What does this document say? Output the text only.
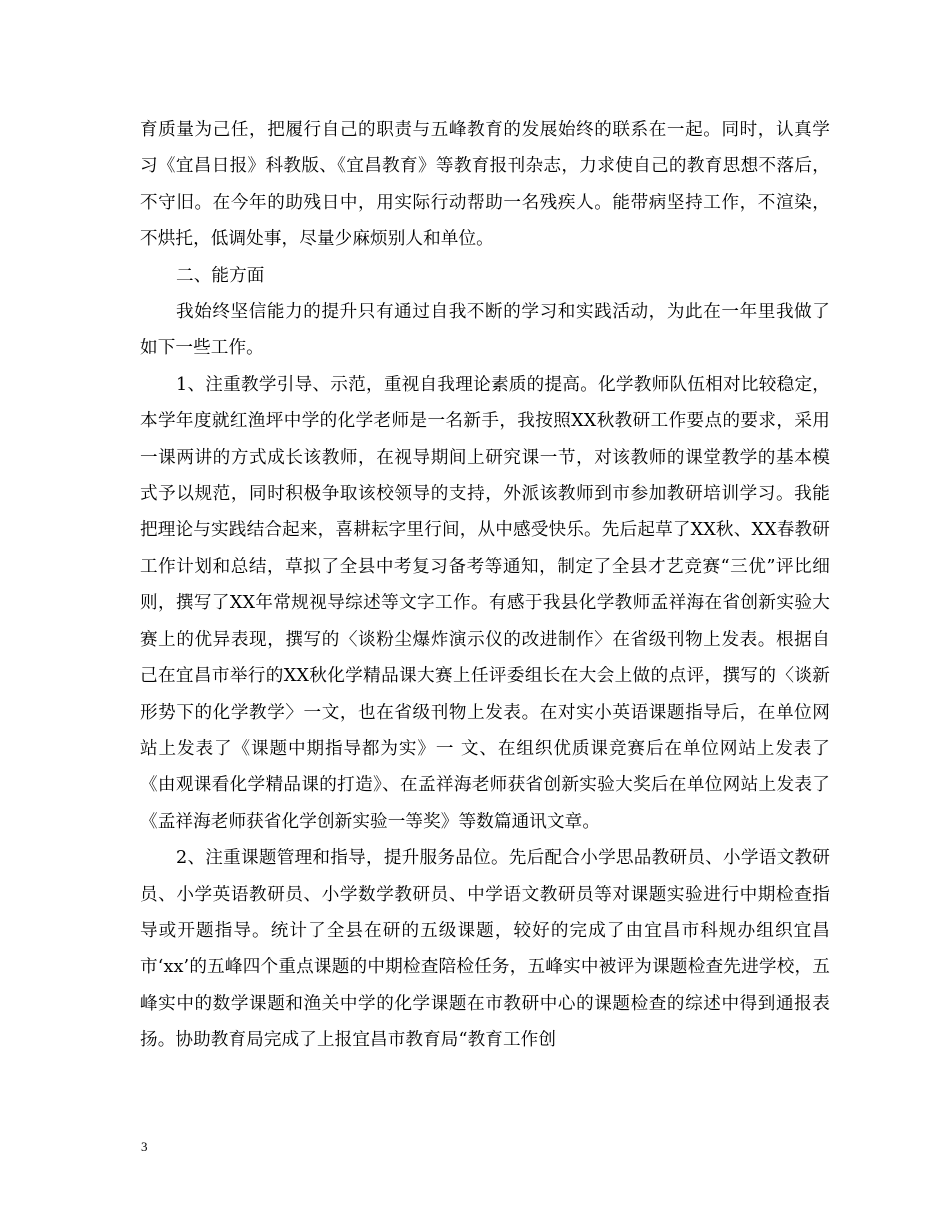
育质量为己任，把履行自己的职责与五峰教育的发展始终的联系在一起。同时，认真学习《宜昌日报》科教版、《宜昌教育》等教育报刊杂志，力求使自己的教育思想不落后，不守旧。在今年的助残日中，用实际行动帮助一名残疾人。能带病坚持工作，不渲染，不烘托，低调处事，尽量少麻烦别人和单位。

二、能方面

我始终坚信能力的提升只有通过自我不断的学习和实践活动，为此在一年里我做了如下一些工作。

1、注重教学引导、示范，重视自我理论素质的提高。化学教师队伍相对比较稳定，本学年度就红渔坪中学的化学老师是一名新手，我按照XX秋教研工作要点的要求，采用一课两讲的方式成长该教师，在视导期间上研究课一节，对该教师的课堂教学的基本模式予以规范，同时积极争取该校领导的支持，外派该教师到市参加教研培训学习。我能把理论与实践结合起来，喜耕耘字里行间，从中感受快乐。先后起草了XX秋、XX春教研工作计划和总结，草拟了全县中考复习备考等通知，制定了全县才艺竞赛“三优”评比细则，撰写了XX年常规视导综述等文字工作。有感于我县化学教师孟祥海在省创新实验大赛上的优异表现，撰写的〈谈粉尘爆炸演示仪的改进制作〉在省级刊物上发表。根据自己在宜昌市举行的XX秋化学精品课大赛上任评委组长在大会上做的点评，撰写的〈谈新形势下的化学教学〉一文，也在省级刊物上发表。在对实小英语课题指导后，在单位网站上发表了《课题中期指导都为实》一 文、在组织优质课竞赛后在单位网站上发表了《由观课看化学精品课的打造》、在孟祥海老师获省创新实验大奖后在单位网站上发表了《孟祥海老师获省化学创新实验一等奖》等数篇通讯文章。

2、注重课题管理和指导，提升服务品位。先后配合小学思品教研员、小学语文教研员、小学英语教研员、小学数学教研员、中学语文教研员等对课题实验进行中期检查指导或开题指导。统计了全县在研的五级课题，较好的完成了由宜昌市科规办组织宜昌市‘xx’的五峰四个重点课题的中期检查陪检任务，五峰实中被评为课题检查先进学校，五峰实中的数学课题和渔关中学的化学课题在市教研中心的课题检查的综述中得到通报表扬。协助教育局完成了上报宜昌市教育局“教育工作创

3
